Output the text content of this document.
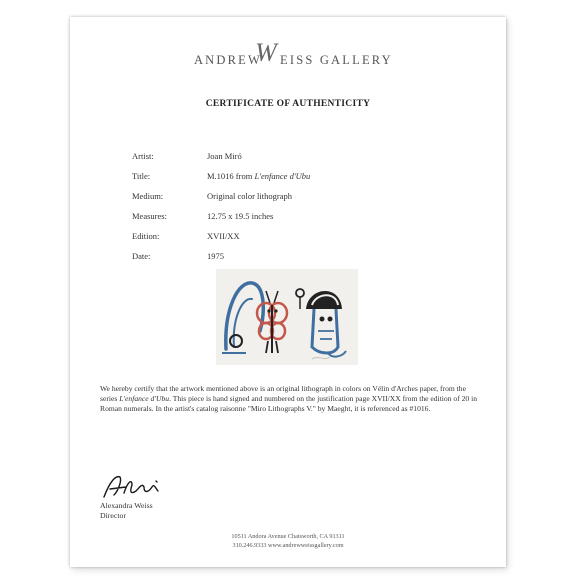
ANDREW
W EISS GALLERY
CERTIFICATE OF AUTHENTICITY
Artist:	Joan Miró
Title:	M.1016 from L'enfance d'Ubu
Medium:	Original color lithograph
Measures:	12.75 x 19.5 inches
Edition:	XVII/XX
Date:	1975
We hereby certify that the artwork mentioned above is an original lithograph in colors on Vélin d'Arches paper, from the series L'enfance d'Ubu. This piece is hand signed and numbered on the justification page XVII/XX from the edition of 20 in Roman numerals. In the artist's catalog raisonne "Miro Lithographs V." by Maeght, it is referenced as #1016.
Alexandra Weiss
Director
10511 Andora Avenue Chatsworth, CA 91311
310.246.9333 www.andrewweissgallery.com
